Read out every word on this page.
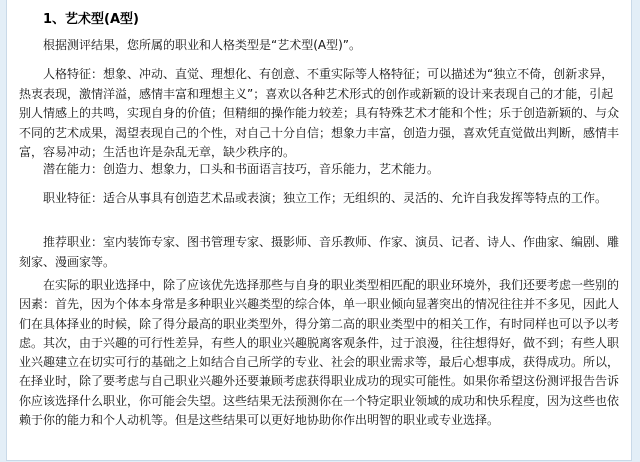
1、艺术型(A型)

根据测评结果，您所属的职业和人格类型是“艺术型(A型)”。

人格特征：想象、冲动、直觉、理想化、有创意、不重实际等人格特征；可以描述为“独立不倚，创新求异，热衷表现，激情洋溢，感情丰富和理想主义”；喜欢以各种艺术形式的创作或新颖的设计来表现自己的才能，引起别人情感上的共鸣，实现自身的价值；但精细的操作能力较差；具有特殊艺术才能和个性；乐于创造新颖的、与众不同的艺术成果，渴望表现自己的个性，对自己十分自信；想象力丰富，创造力强，喜欢凭直觉做出判断，感情丰富，容易冲动；生活也许是杂乱无章，缺少秩序的。

潜在能力：创造力、想象力，口头和书面语言技巧，音乐能力，艺术能力。

职业特征：适合从事具有创造艺术品或表演；独立工作；无组织的、灵活的、允许自我发挥等特点的工作。

推荐职业：室内装饰专家、图书管理专家、摄影师、音乐教师、作家、演员、记者、诗人、作曲家、编剧、雕刻家、漫画家等。

在实际的职业选择中，除了应该优先选择那些与自身的职业类型相匹配的职业环境外，我们还要考虑一些别的因素：首先，因为个体本身常是多种职业兴趣类型的综合体，单一职业倾向显著突出的情况往往并不多见，因此人们在具体择业的时候，除了得分最高的职业类型外，得分第二高的职业类型中的相关工作，有时同样也可以予以考虑。其次，由于兴趣的可行性差异，有些人的职业兴趣脱离客观条件，过于浪漫，往往想得好，做不到；有些人职业兴趣建立在切实可行的基础之上如结合自己所学的专业、社会的职业需求等，最后心想事成，获得成功。所以，在择业时，除了要考虑与自己职业兴趣外还要兼顾考虑获得职业成功的现实可能性。如果你希望这份测评报告告诉你应该选择什么职业，你可能会失望。这些结果无法预测你在一个特定职业领域的成功和快乐程度，因为这些也依赖于你的能力和个人动机等。但是这些结果可以更好地协助你作出明智的职业或专业选择。
